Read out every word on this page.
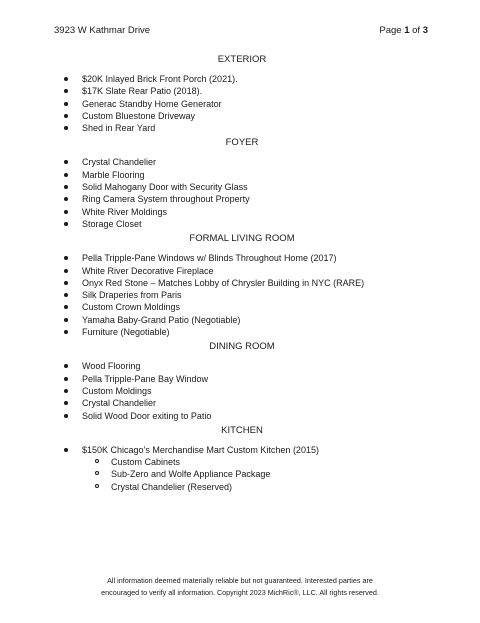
3923 W Kathmar Drive	Page 1 of 3
EXTERIOR
$20K Inlayed Brick Front Porch (2021).
$17K Slate Rear Patio (2018).
Generac Standby Home Generator
Custom Bluestone Driveway
Shed in Rear Yard
FOYER
Crystal Chandelier
Marble Flooring
Solid Mahogany Door with Security Glass
Ring Camera System throughout Property
White River Moldings
Storage Closet
FORMAL LIVING ROOM
Pella Tripple-Pane Windows w/ Blinds Throughout Home (2017)
White River Decorative Fireplace
Onyx Red Stone – Matches Lobby of Chrysler Building in NYC (RARE)
Silk Draperies from Paris
Custom Crown Moldings
Yamaha Baby-Grand Patio (Negotiable)
Furniture (Negotiable)
DINING ROOM
Wood Flooring
Pella Tripple-Pane Bay Window
Custom Moldings
Crystal Chandelier
Solid Wood Door exiting to Patio
KITCHEN
$150K Chicago’s Merchandise Mart Custom Kitchen (2015)
Custom Cabinets
Sub-Zero and Wolfe Appliance Package
Crystal Chandelier (Reserved)
All information deemed materially reliable but not guaranteed. Interested parties are
encouraged to verify all information. Copyright 2023 MichRic®, LLC. All rights reserved.
